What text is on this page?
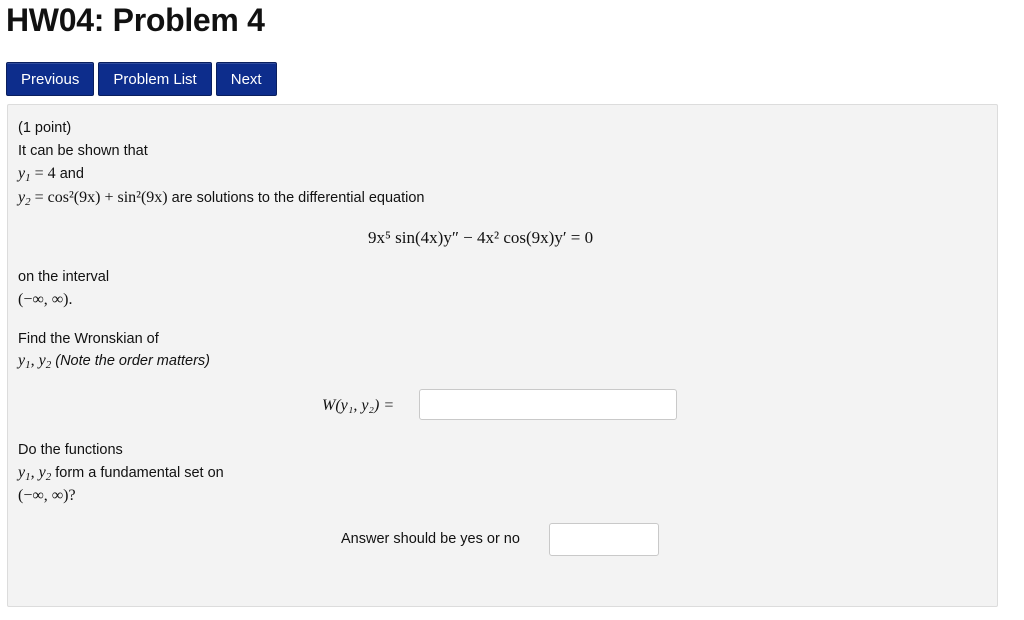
HW04: Problem 4
Previous	Problem List	Next
(1 point)
It can be shown that
$y_1 = 4$ and
$y_2 = \cos^2(9x) + \sin^2(9x)$ are solutions to the differential equation
9x⁵ sin(4x)y″ − 4x² cos(9x)y′ = 0
on the interval
(−∞, ∞).
Find the Wronskian of
$y_1$, $y_2$ (Note the order matters)
W(y₁, y₂) =
Do the functions
$y_1$, $y_2$ form a fundamental set on
(−∞, ∞)?
Answer should be yes or no
